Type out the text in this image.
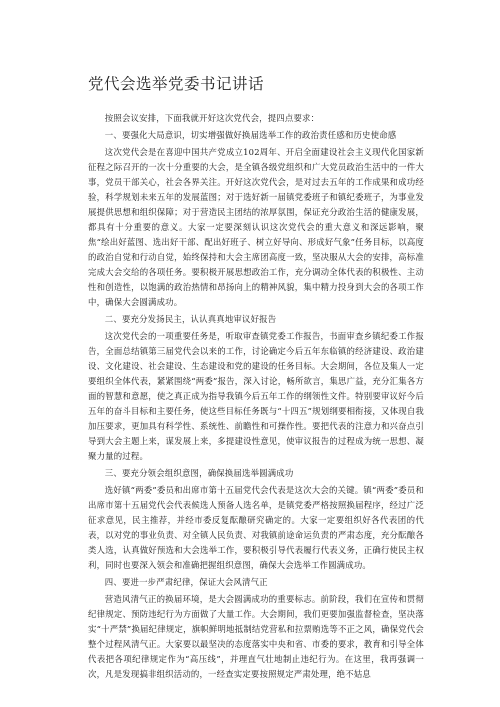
党代会选举党委书记讲话

按照会议安排，下面我就开好这次党代会，提四点要求：

一、要强化大局意识，切实增强做好换届选举工作的政治责任感和历史使命感

这次党代会是在喜迎中国共产党成立102周年、开启全面建设社会主义现代化国家新征程之际召开的一次十分重要的大会，是全镇各级党组织和广大党员政治生活中的一件大事，党员干部关心，社会各界关注。开好这次党代会，是对过去五年的工作成果和成功经验，科学规划未来五年的发展蓝图；对于选好新一届镇党委班子和镇纪委班子，为事业发展提供思想和组织保障；对于营造民主团结的浓厚氛围，保证充分政治生活的健康发展，都具有十分重要的意义。大家一定要深刻认识这次党代会的重大意义和深远影响，聚焦“绘出好蓝图、选出好干部、配出好班子、树立好导向、形成好气象”任务目标，以高度的政治自觉和行动自觉，始终保持和大会主席团高度一致，坚决服从大会的安排，高标准完成大会交给的各项任务。要积极开展思想政治工作，充分调动全体代表的积极性、主动性和创造性，以饱满的政治热情和昂扬向上的精神风貌，集中精力投身到大会的各项工作中，确保大会圆满成功。

二、要充分发扬民主，认认真真地审议好报告

这次党代会的一项重要任务是，听取审查镇党委工作报告，书面审查乡镇纪委工作报告，全面总结镇第三届党代会以来的工作，讨论确定今后五年东临镇的经济建设、政治建设、文化建设、社会建设、生态建设和党的建设的任务目标。大会期间，各位及集人一定要组织全体代表，紧紧围绕“两委”报告，深入讨论，畅所欲言，集思广益，充分汇集各方面的智慧和意愿，使之真正成为指导我镇今后五年工作的纲领性文件。特别要审议好今后五年的奋斗目标和主要任务，使这些目标任务既与“十四五”规划纲要相衔接，又体现自我加压要求，更加具有科学性、系统性、前瞻性和可操作性。要把代表的注意力和兴奋点引导到大会主题上来，谋发展上来，多提建设性意见，使审议报告的过程成为统一思想、凝聚力量的过程。

三、要充分领会组织意图，确保换届选举圆满成功

选好镇“两委”委员和出席市第十五届党代会代表是这次大会的关键。镇“两委”委员和出席市第十五届党代会代表候选人预备人选名单，是镇党委严格按照换届程序，经过广泛征求意见，民主推荐，并经市委反复酝酿研究确定的。大家一定要组织好各代表团的代表，以对党的事业负责、对全镇人民负责、对我镇前途命运负责的严肃态度，充分酝酿各类人选，认真做好预选和大会选举工作，要积极引导代表履行代表义务，正确行使民主权利，同时也要深入领会和准确把握组织意图，确保大会选举工作圆满成功。

四、要进一步严肃纪律，保证大会风清气正

营造风清气正的换届环境，是大会圆满成功的重要标志。前阶段，我们在宣传和贯彻纪律规定、预防违纪行为方面做了大量工作。大会期间，我们更要加强监督检查，坚决落实“十严禁”换届纪律规定，旗帜鲜明地抵制结党营私和拉票贿选等不正之风，确保党代会整个过程风清气正。大家要以最坚决的态度落实中央和省、市委的要求，教育和引导全体代表把各项纪律规定作为“高压线”，并理直气壮地制止违纪行为。在这里，我再强调一次，凡是发现搞非组织活动的，一经查实定要按照规定严肃处理，绝不姑息
